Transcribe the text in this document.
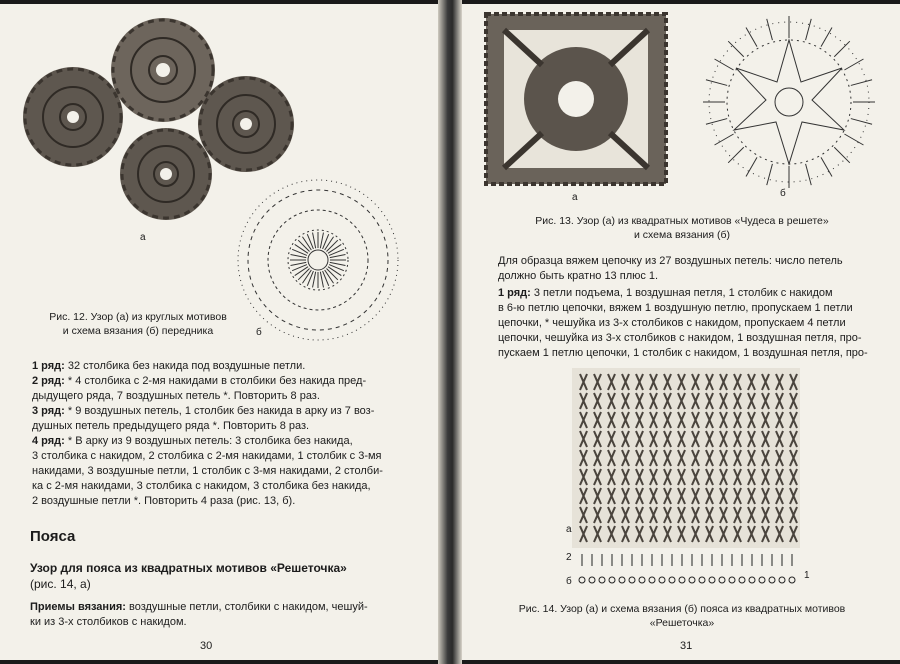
а
б
Рис. 12. Узор (а) из круглых мотивов
и схема вязания (б) передника
1 ряд: 32 столбика без накида под воздушные петли.
2 ряд: * 4 столбика с 2-мя накидами в столбики без накида пред-
дыдущего ряда, 7 воздушных петель *. Повторить 8 раз.
3 ряд: * 9 воздушных петель, 1 столбик без накида в арку из 7 воз-
душных петель предыдущего ряда *. Повторить 8 раз.
4 ряд: * В арку из 9 воздушных петель: 3 столбика без накида,
3 столбика с накидом, 2 столбика с 2-мя накидами, 1 столбик с 3-мя
накидами, 3 воздушные петли, 1 столбик с 3-мя накидами, 2 столби-
ка с 2-мя накидами, 3 столбика с накидом, 3 столбика без накида,
2 воздушные петли *. Повторить 4 раза (рис. 13, б).
Пояса
Узор для пояса из квадратных мотивов «Решеточка»
(рис. 14, а)
Приемы вязания: воздушные петли, столбики с накидом, чешуй-
ки из 3-х столбиков с накидом.
30
а	б
Рис. 13. Узор (а) из квадратных мотивов «Чудеса в решете»
и схема вязания (б)
Для образца вяжем цепочку из 27 воздушных петель: число петель
должно быть кратно 13 плюс 1.
1 ряд: 3 петли подъема, 1 воздушная петля, 1 столбик с накидом
в 6-ю петлю цепочки, вяжем 1 воздушную петлю, пропускаем 1 петли
цепочки, * чешуйка из 3-х столбиков с накидом, пропускаем 4 петли
цепочки, чешуйка из 3-х столбиков с накидом, 1 воздушная петля, про-
пускаем 1 петлю цепочки, 1 столбик с накидом, 1 воздушная петля, про-
а
2
1
б
Рис. 14. Узор (а) и схема вязания (б) пояса из квадратных мотивов
«Решеточка»
31
